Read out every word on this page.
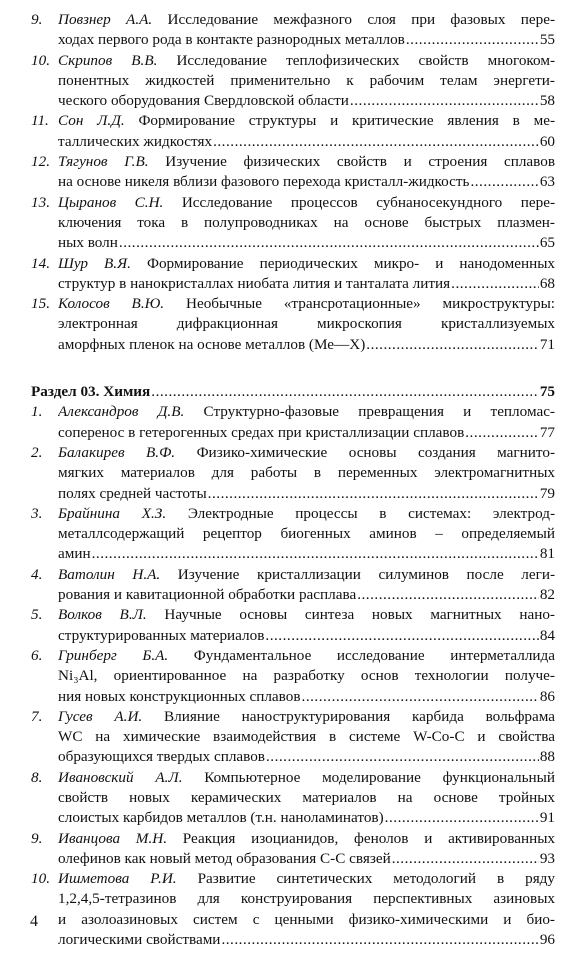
9.	Повзнер А.А. Исследование межфазного слоя при фазовых пере-
ходах первого рода в контакте разнородных металлов .....	55
10. Скрипов В.В. Исследование теплофизических свойств многоком-
понентных жидкостей применительно к рабочим телам энергети-
ческого оборудования Свердловской области .....	58
11. Сон Л.Д. Формирование структуры и критические явления в ме-
таллических жидкостях .....	60
12. Тягунов Г.В. Изучение физических свойств и строения сплавов
на основе никеля вблизи фазового перехода кристалл-жидкость .....	63
13. Цыранов С.Н. Исследование процессов субнаносекундного пере-
ключения тока в полупроводниках на основе быстрых плазмен-
ных волн .....	65
14. Шур В.Я. Формирование периодических микро- и нанодоменных
структур в нанокристаллах ниобата лития и танталата лития .....	68
15. Колосов В.Ю. Необычные «трансротационные» микроструктуры:
электронная дифракционная микроскопия кристаллизуемых
аморфных пленок на основе металлов (Ме—Х) .....	71
Раздел 03. Химия .....	75
1.	Александров Д.В. Структурно-фазовые превращения и тепломас-
соперенос в гетерогенных средах при кристаллизации сплавов .....	77
2.	Балакирев В.Ф. Физико-химические основы создания магнито-
мягких материалов для работы в переменных электромагнитных
полях средней частоты .....	79
3.	Брайнина Х.З. Электродные процессы в системах: электрод-
металлсодержащий рецептор биогенных аминов – определяемый
амин .....	81
4.	Ватолин Н.А. Изучение кристаллизации силуминов после леги-
рования и кавитационной обработки расплава .....	82
5.	Волков В.Л. Научные основы синтеза новых магнитных нано-
структурированных материалов .....	84
6.	Гринберг Б.А. Фундаментальное исследование интерметаллида
Ni₃Al, ориентированное на разработку основ технологии получе-
ния новых конструкционных сплавов .....	86
7.	Гусев А.И. Влияние наноструктурирования карбида вольфрама
WC на химические взаимодействия в системе W-Co-C и свойства
образующихся твердых сплавов .....	88
8.	Ивановский А.Л. Компьютерное моделирование функциональный
свойств новых керамических материалов на основе тройных
слоистых карбидов металлов (т.н. наноламинатов) .....	91
9.	Иванцова М.Н. Реакция изоцианидов, фенолов и активированных
олефинов как новый метод образования С-С связей .....	93
10. Ишметова Р.И. Развитие синтетических методологий в ряду
1,2,4,5-тетразинов для конструирования перспективных азиновых
и азолоазиновых систем с ценными физико-химическими и био-
логическими свойствами .....	96
4
